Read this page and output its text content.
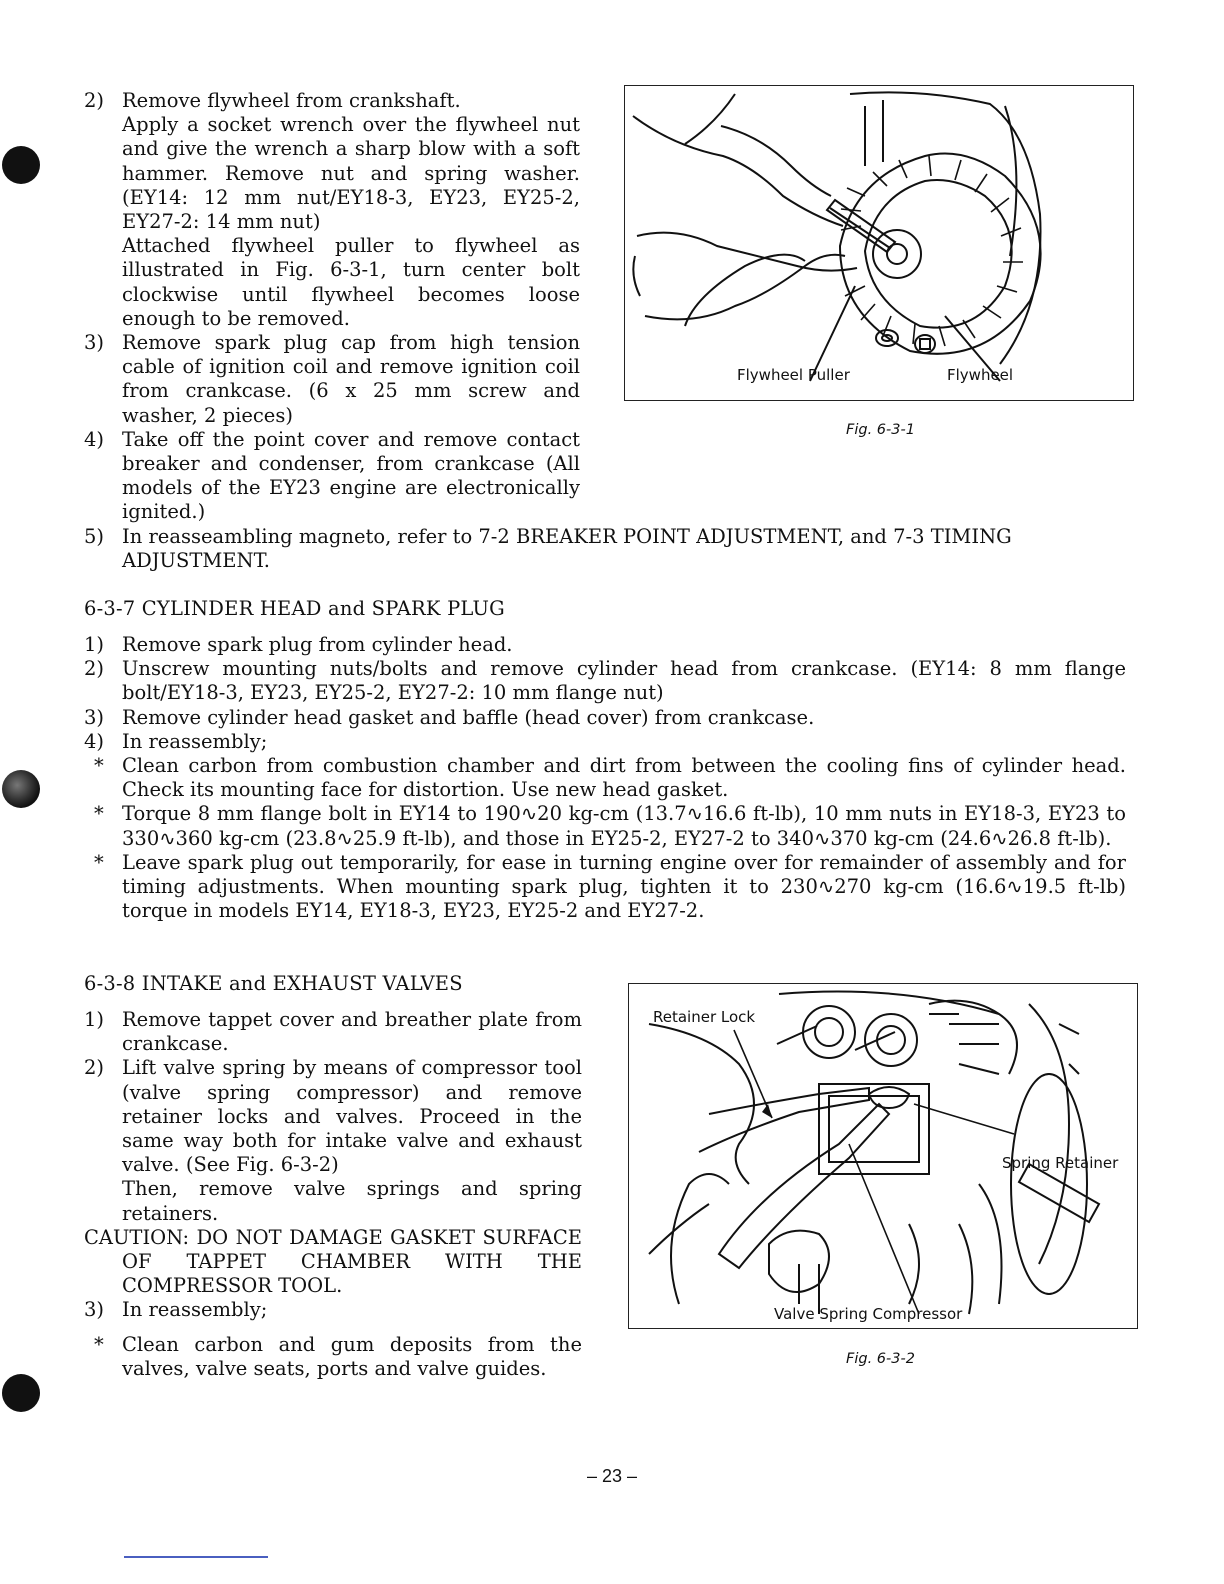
2) Remove flywheel from crankshaft.
Apply a socket wrench over the flywheel nut and give the wrench a sharp blow with a soft hammer. Remove nut and spring washer. (EY14: 12 mm nut/EY18-3, EY23, EY25-2, EY27-2: 14 mm nut)
Attached flywheel puller to flywheel as illustrated in Fig. 6-3-1, turn center bolt clockwise until flywheel becomes loose enough to be removed.
3) Remove spark plug cap from high tension cable of ignition coil and remove ignition coil from crankcase. (6 x 25 mm screw and washer, 2 pieces)
4) Take off the point cover and remove contact breaker and condenser, from crankcase (All models of the EY23 engine are electronically ignited.)
5) In reasseambling magneto, refer to 7-2 BREAKER POINT ADJUSTMENT, and 7-3 TIMING ADJUSTMENT.
Flywheel Puller	Flywheel
Fig. 6-3-1
6-3-7 CYLINDER HEAD and SPARK PLUG
1) Remove spark plug from cylinder head.
2) Unscrew mounting nuts/bolts and remove cylinder head from crankcase. (EY14: 8 mm flange bolt/EY18-3, EY23, EY25-2, EY27-2: 10 mm flange nut)
3) Remove cylinder head gasket and baffle (head cover) from crankcase.
4) In reassembly;
* Clean carbon from combustion chamber and dirt from between the cooling fins of cylinder head. Check its mounting face for distortion. Use new head gasket.
* Torque 8 mm flange bolt in EY14 to 190∿20 kg-cm (13.7∿16.6 ft-lb), 10 mm nuts in EY18-3, EY23 to 330∿360 kg-cm (23.8∿25.9 ft-lb), and those in EY25-2, EY27-2 to 340∿370 kg-cm (24.6∿26.8 ft-lb).
* Leave spark plug out temporarily, for ease in turning engine over for remainder of assembly and for timing adjustments. When mounting spark plug, tighten it to 230∿270 kg-cm (16.6∿19.5 ft-lb) torque in models EY14, EY18-3, EY23, EY25-2 and EY27-2.
6-3-8 INTAKE and EXHAUST VALVES
1) Remove tappet cover and breather plate from crankcase.
2) Lift valve spring by means of compressor tool (valve spring compressor) and remove retainer locks and valves. Proceed in the same way both for intake valve and exhaust valve. (See Fig. 6-3-2)
Then, remove valve springs and spring retainers.
CAUTION: DO NOT DAMAGE GASKET SURFACE OF TAPPET CHAMBER WITH THE COMPRESSOR TOOL.
3) In reassembly;
* Clean carbon and gum deposits from the valves, valve seats, ports and valve guides.
Retainer Lock
Spring Retainer
Valve Spring Compressor
Fig. 6-3-2
– 23 –
